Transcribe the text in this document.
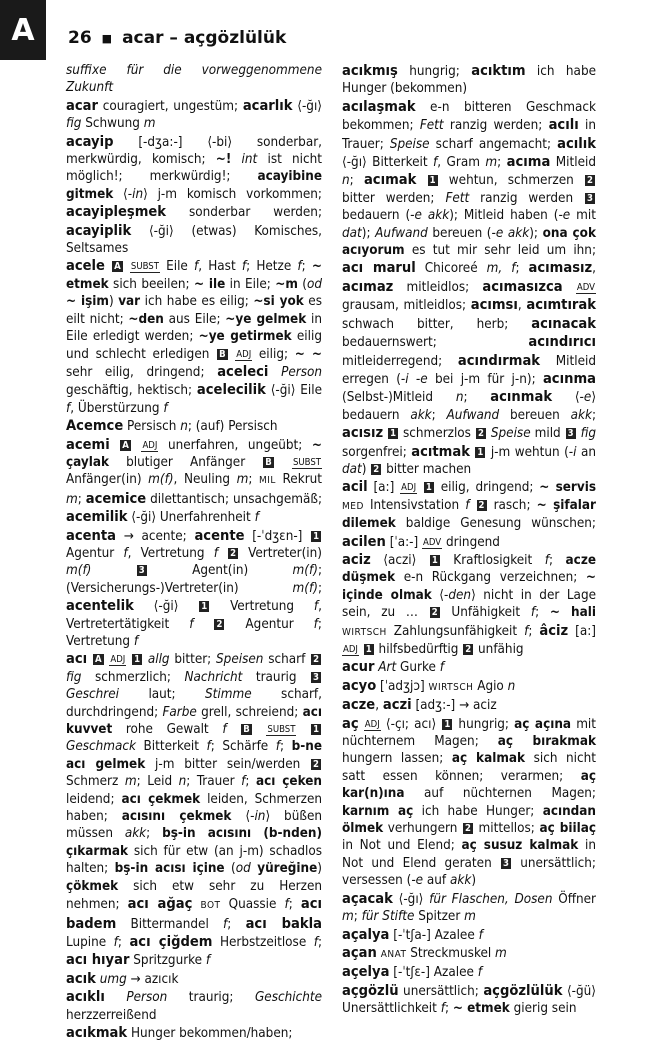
A 26 ■ acar – açgözlülük

suffixe für die vorweggenommene Zukunft

acar couragiert, ungestüm; acarlık ⟨-ğı⟩ fig Schwung m

acayip [-dʒa:-] ⟨-bi⟩ sonderbar, merkwürdig, komisch; ~! int ist nicht möglich!; merkwürdig!; acayibine gitmek ⟨-in⟩ j-m komisch vorkommen; acayipleşmek sonderbar werden; acayiplik ⟨-ği⟩ (etwas) Komisches, Seltsames

acele A SUBST Eile f, Hast f; Hetze f; ~ etmek sich beeilen; ~ ile in Eile; ~m (od ~ işim) var ich habe es eilig; ~si yok es eilt nicht; ~den aus Eile; ~ye gelmek in Eile erledigt werden; ~ye getirmek eilig und schlecht erledigen B ADJ eilig; ~ ~ sehr eilig, dringend; aceleci Person geschäftig, hektisch; acelecilik ⟨-ği⟩ Eile f, Überstürzung f

Acemce Persisch n; (auf) Persisch

acemi A ADJ unerfahren, ungeübt; ~ çaylak blutiger Anfänger B SUBST Anfänger(in) m(f), Neuling m; MIL Rekrut m; acemice dilettantisch; unsachgemäß; acemilik ⟨-ği⟩ Unerfahrenheit f

acenta → acente; acente [-ˈdʒɛn-] 1 Agentur f, Vertretung f 2 Vertreter(in) m(f)	3 Agent(in) m(f); (Versicherungs-)Vertreter(in) m(f); acentelik ⟨-ği⟩ 1 Vertretung f, Vertretertätigkeit f 2 Agentur f; Vertretung f

acı A ADJ 1 allg bitter; Speisen scharf 2 fig schmerzlich; Nachricht traurig 3 Geschrei laut; Stimme scharf, durchdringend; Farbe grell, schreiend; acı kuvvet rohe Gewalt f B SUBST 1 Geschmack Bitterkeit f; Schärfe f; b-ne acı gelmek j-m bitter sein/werden 2 Schmerz m; Leid n; Trauer f; acı çeken leidend; acı çekmek leiden, Schmerzen haben; acısını çekmek ⟨-in⟩ büßen müssen akk; bş-in acısını (b-nden) çıkarmak sich für etw (an j-m) schadlos halten; bş-in acısı içine (od yüreğine) çökmek sich etw sehr zu Herzen nehmen; acı ağaç BOT Quassie f; acı badem Bittermandel f; acı bakla Lupine f; acı çiğdem Herbstzeitlose f; acı hıyar Spritzgurke f

acık umg → azıcık

acıklı Person traurig; Geschichte herzzerreißend

acıkmak Hunger bekommen/haben;

acıkmış hungrig; acıktım ich habe Hunger (bekommen)

acılaşmak e-n bitteren Geschmack bekommen; Fett ranzig werden; acılı in Trauer; Speise scharf angemacht; acılık ⟨-ğı⟩ Bitterkeit f, Gram m; acıma Mitleid n; acımak 1 wehtun, schmerzen 2 bitter werden; Fett ranzig werden 3 bedauern (-e akk); Mitleid haben (-e mit dat); Aufwand bereuen (-e akk); ona çok acıyorum es tut mir sehr leid um ihn; acı marul Chicoreé m, f; acımasız, acımaz mitleidlos; acımasızca ADV grausam, mitleidlos; acımsı, acımtırak schwach bitter, herb; acınacak bedauernswert; acındırıcı mitleiderregend; acındırmak Mitleid erregen (-i -e bei j-m für j-n); acınma (Selbst-)Mitleid n; acınmak ⟨-e⟩ bedauern akk; Aufwand bereuen akk; acısız 1 schmerzlos 2 Speise mild 3 fig sorgenfrei; acıtmak 1 j-m wehtun (-i an dat) 2 bitter machen

acil [a:] ADJ 1 eilig, dringend; ~ servis MED Intensivstation f 2 rasch; ~ şifalar dilemek baldige Genesung wünschen; acilen [ˈa:-] ADV dringend

aciz ⟨aczi⟩ 1 Kraftlosigkeit f; acze düşmek e-n Rückgang verzeichnen; ~ içinde olmak ⟨-den⟩ nicht in der Lage sein, zu … 2 Unfähigkeit f; ~ hali WIRTSCH Zahlungsunfähigkeit f; âciz [a:] ADJ 1 hilfsbedürftig 2 unfähig

acur Art Gurke f

acyo [ˈadʒjɔ] WIRTSCH Agio n

acze, aczi [adʒ:-] → aciz

aç ADJ ⟨-çı; acı⟩ 1 hungrig; aç açına mit nüchternem Magen; aç bırakmak hungern lassen; aç kalmak sich nicht satt essen können; verarmen; aç kar(n)ına auf nüchternen Magen; karnım aç ich habe Hunger; acından ölmek verhungern 2 mittellos; aç biilaç in Not und Elend; aç susuz kalmak in Not und Elend geraten 3 unersättlich; versessen (-e auf akk)

açacak ⟨-ğı⟩ für Flaschen, Dosen Öffner m; für Stifte Spitzer m

açalya [-ˈtʃa-] Azalee f

açan ANAT Streckmuskel m

açelya [-ˈtʃɛ-] Azalee f

açgözlü unersättlich; açgözlülük ⟨-ğü⟩ Unersättlichkeit f; ~ etmek gierig sein
